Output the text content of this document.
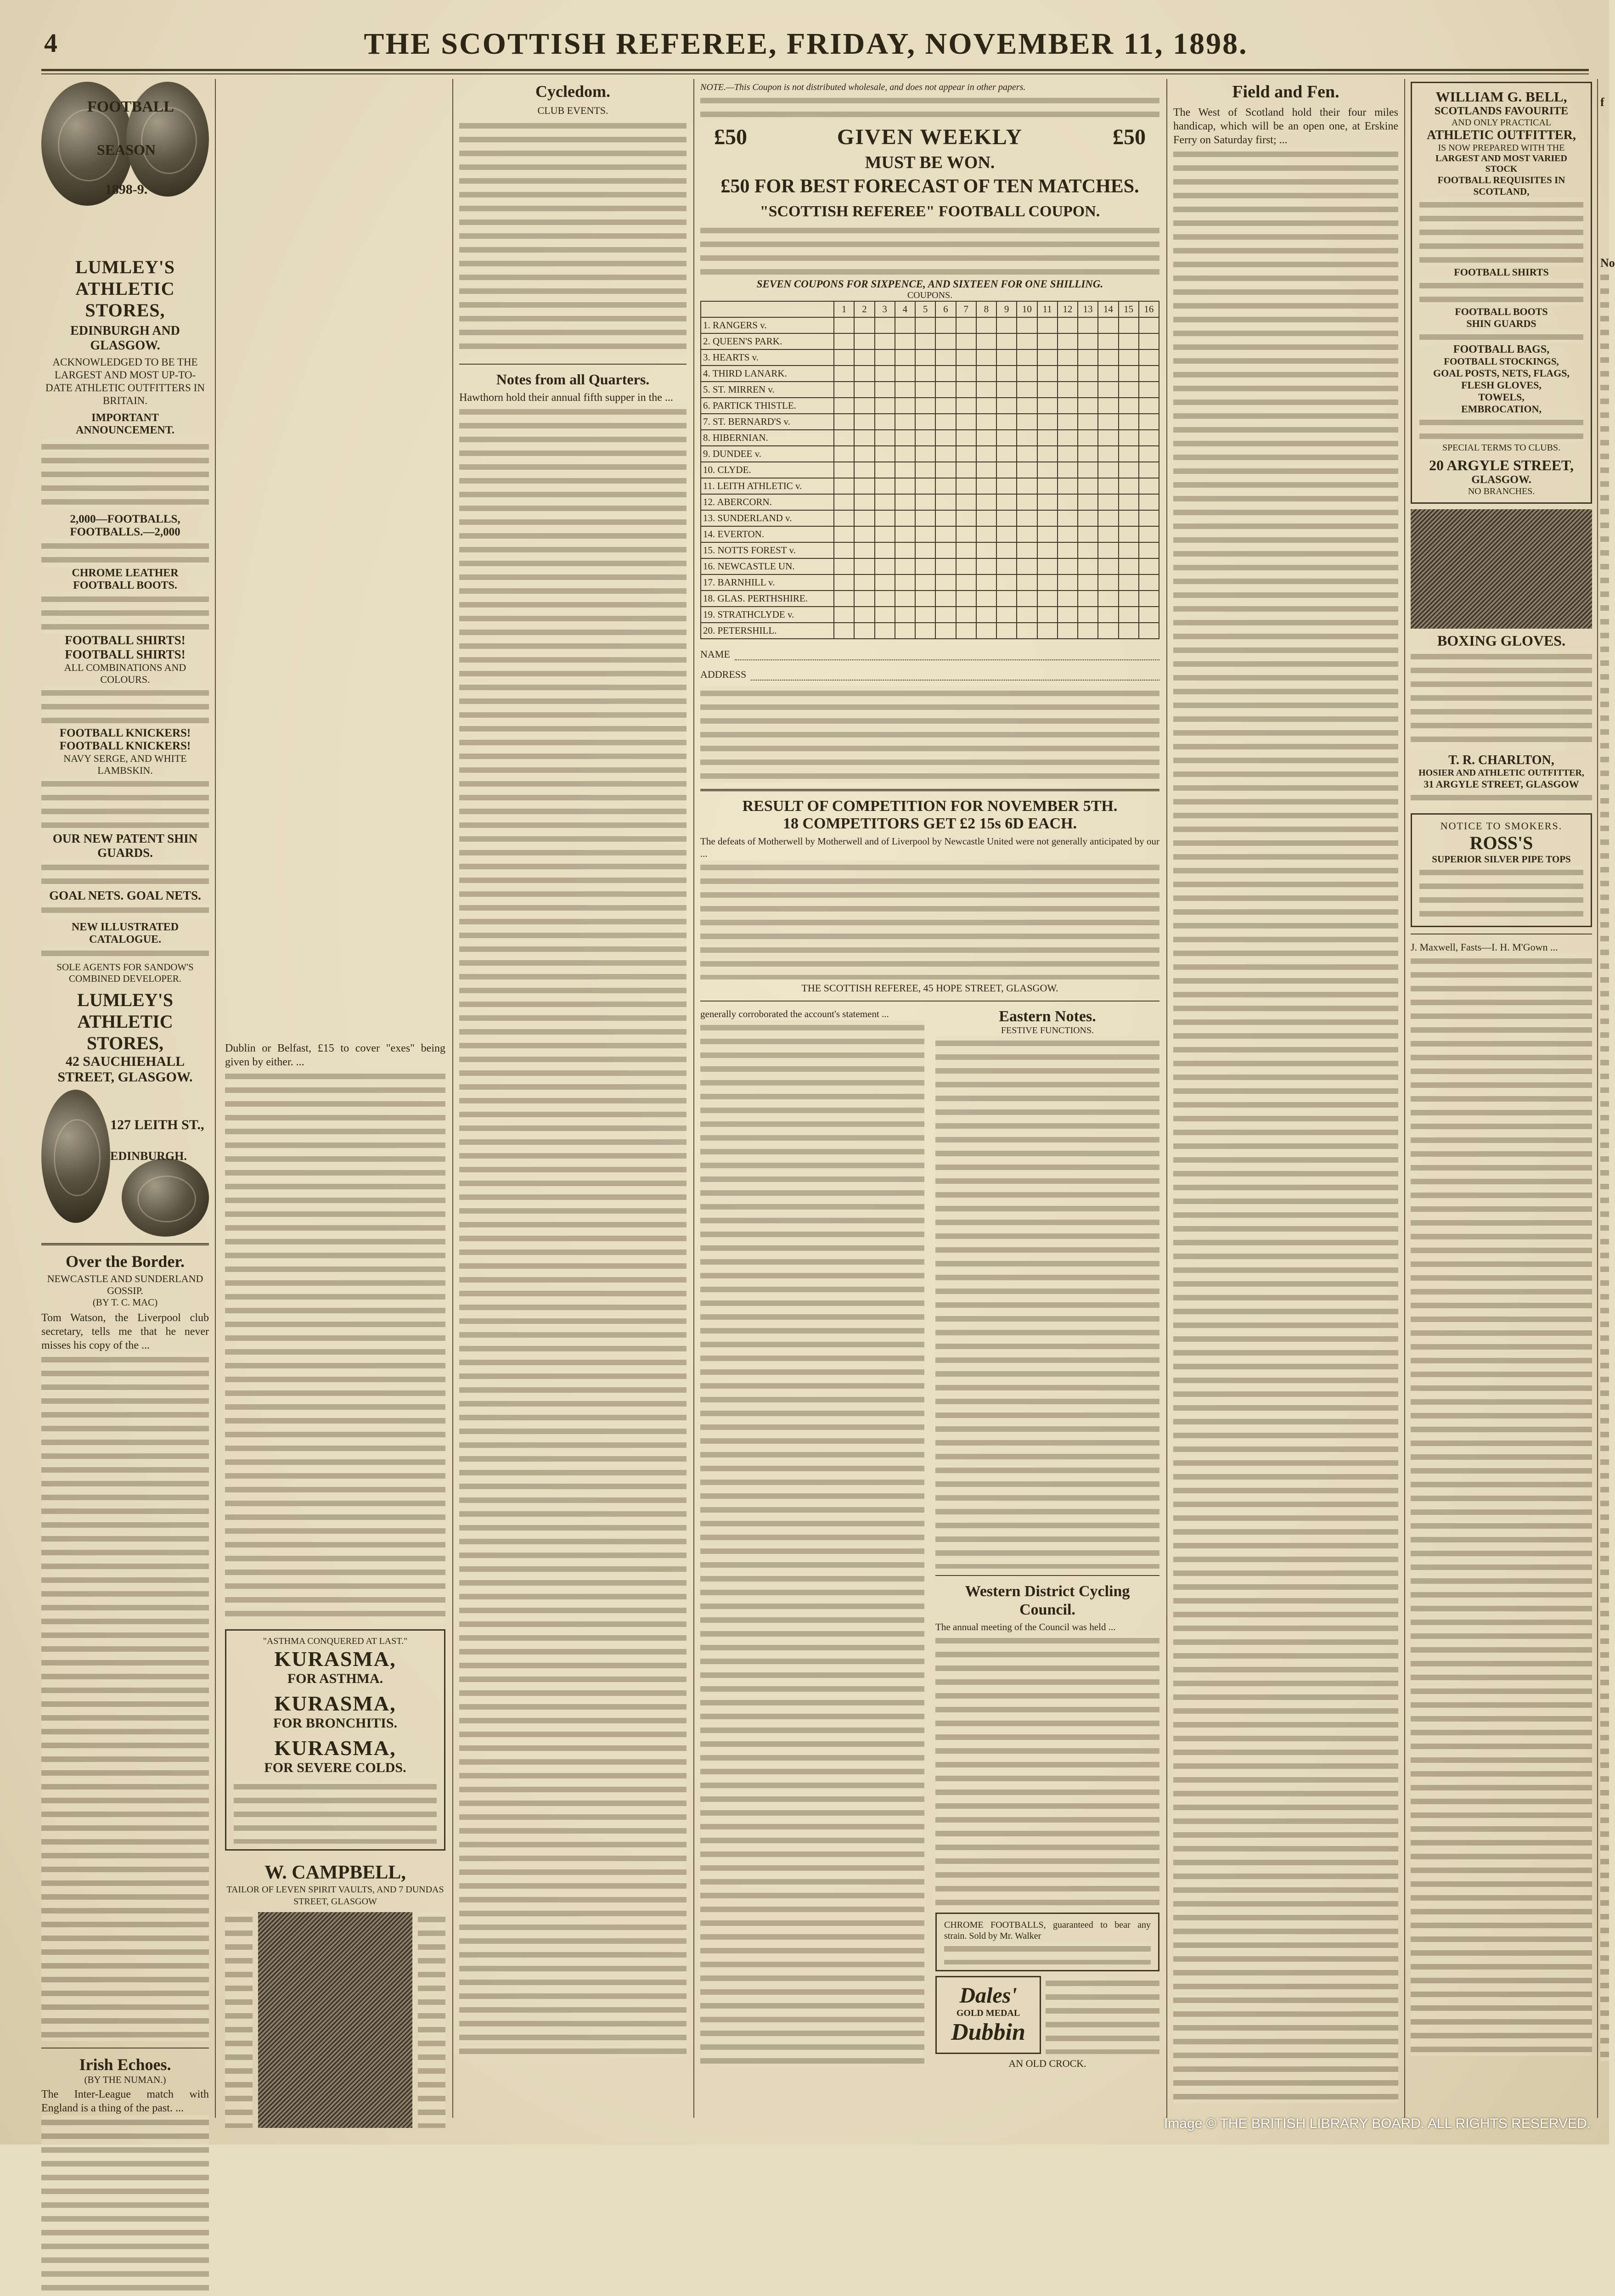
4	THE SCOTTISH REFEREE, FRIDAY, NOVEMBER 11, 1898.
FOOTBALL
SEASON
1898-9.
LUMLEY'S ATHLETIC STORES,
EDINBURGH AND GLASGOW.
ACKNOWLEDGED TO BE THE LARGEST AND MOST UP-TO-DATE ATHLETIC OUTFITTERS IN BRITAIN.
IMPORTANT ANNOUNCEMENT.
2,000—FOOTBALLS, FOOTBALLS.—2,000
CHROME LEATHER FOOTBALL BOOTS.
FOOTBALL SHIRTS! FOOTBALL SHIRTS!
ALL COMBINATIONS AND COLOURS.
FOOTBALL KNICKERS! FOOTBALL KNICKERS!
NAVY SERGE, AND WHITE LAMBSKIN.
OUR NEW PATENT SHIN GUARDS.
GOAL NETS. GOAL NETS.
NEW ILLUSTRATED CATALOGUE.
SOLE AGENTS FOR SANDOW'S COMBINED DEVELOPER.
LUMLEY'S ATHLETIC STORES,
42 SAUCHIEHALL STREET, GLASGOW.
127 LEITH ST.,
EDINBURGH.
Over the Border.
NEWCASTLE AND SUNDERLAND GOSSIP.
(BY T. C. MAC)
Tom Watson, the Liverpool club secretary, tells me that he never misses his copy of the ...
Irish Echoes.
(BY THE NUMAN.)
The Inter-League match with England is a thing of the past. ...
Dublin or Belfast, £15 to cover "exes" being given by either. ...
"ASTHMA CONQUERED AT LAST."
KURASMA,
FOR ASTHMA.
KURASMA,
FOR BRONCHITIS.
KURASMA,
FOR SEVERE COLDS.
W. CAMPBELL,
TAILOR OF LEVEN SPIRIT VAULTS, AND 7 DUNDAS STREET, GLASGOW
Cycledom.
CLUB EVENTS.
Notes from all Quarters.
Hawthorn hold their annual fifth supper in the ...
NOTE.—This Coupon is not distributed wholesale, and does not appear in other papers.
£50	GIVEN WEEKLY	£50
MUST BE WON.
£50 FOR BEST FORECAST OF TEN MATCHES.
"SCOTTISH REFEREE" FOOTBALL COUPON.
SEVEN COUPONS FOR SIXPENCE, AND SIXTEEN FOR ONE SHILLING.
COUPONS.
1	2	3	4	5	6	7	8	9	10	11	12	13	14	15	16
1. RANGERS v.
2. QUEEN'S PARK.
3. HEARTS v.
4. THIRD LANARK.
5. ST. MIRREN v.
6. PARTICK THISTLE.
7. ST. BERNARD'S v.
8. HIBERNIAN.
9. DUNDEE v.
10. CLYDE.
11. LEITH ATHLETIC v.
12. ABERCORN.
13. SUNDERLAND v.
14. EVERTON.
15. NOTTS FOREST v.
16. NEWCASTLE UN.
17. BARNHILL v.
18. GLAS. PERTHSHIRE.
19. STRATHCLYDE v.
20. PETERSHILL.
NAME
ADDRESS
RESULT OF COMPETITION FOR NOVEMBER 5TH.
18 COMPETITORS GET £2 15s 6D EACH.
The defeats of Motherwell by Motherwell and of Liverpool by Newcastle United were not generally anticipated by our ...
THE SCOTTISH REFEREE, 45 HOPE STREET, GLASGOW.
generally corroborated the account's statement ...	Eastern Notes.
FESTIVE FUNCTIONS.
Western District Cycling Council.
The annual meeting of the Council was held ...
CHROME FOOTBALLS, guaranteed to bear any strain. Sold by Mr. Walker
Dales'
GOLD MEDAL
Dubbin
AN OLD CROCK.
Field and Fen.
The West of Scotland hold their four miles handicap, which will be an open one, at Erskine Ferry on Saturday first; ...
WILLIAM G. BELL,
SCOTLANDS FAVOURITE
AND ONLY PRACTICAL
ATHLETIC OUTFITTER,
IS NOW PREPARED WITH THE
LARGEST AND MOST VARIED STOCK
FOOTBALL REQUISITES IN SCOTLAND,
FOOTBALL SHIRTS
FOOTBALL BOOTS
SHIN GUARDS
FOOTBALL BAGS,
FOOTBALL STOCKINGS,
GOAL POSTS, NETS, FLAGS,
FLESH GLOVES,
TOWELS,
EMBROCATION,
SPECIAL TERMS TO CLUBS.
20 ARGYLE STREET,
GLASGOW.
NO BRANCHES.
BOXING GLOVES.
T. R. CHARLTON,
HOSIER AND ATHLETIC OUTFITTER,
31 ARGYLE STREET, GLASGOW
NOTICE TO SMOKERS.
ROSS'S
SUPERIOR SILVER PIPE TOPS
J. Maxwell, Fasts—I. H. M'Gown ...
f
No
Image © THE BRITISH LIBRARY BOARD. ALL RIGHTS RESERVED.
